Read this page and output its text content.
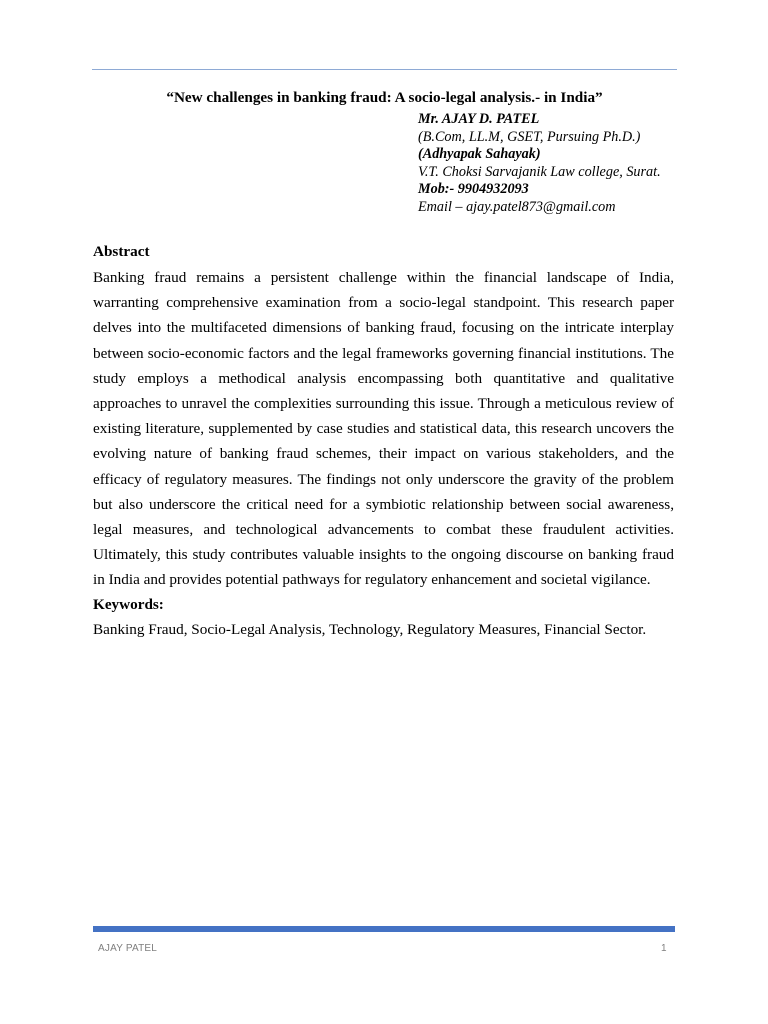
“New challenges in banking fraud: A socio-legal analysis.- in India”
Mr. AJAY D. PATEL
(B.Com, LL.M, GSET, Pursuing Ph.D.)
(Adhyapak Sahayak)
V.T. Choksi Sarvajanik Law college, Surat.
Mob:- 9904932093
Email – ajay.patel873@gmail.com
Abstract

Banking fraud remains a persistent challenge within the financial landscape of India, warranting comprehensive examination from a socio-legal standpoint. This research paper delves into the multifaceted dimensions of banking fraud, focusing on the intricate interplay between socio-economic factors and the legal frameworks governing financial institutions. The study employs a methodical analysis encompassing both quantitative and qualitative approaches to unravel the complexities surrounding this issue. Through a meticulous review of existing literature, supplemented by case studies and statistical data, this research uncovers the evolving nature of banking fraud schemes, their impact on various stakeholders, and the efficacy of regulatory measures. The findings not only underscore the gravity of the problem but also underscore the critical need for a symbiotic relationship between social awareness, legal measures, and technological advancements to combat these fraudulent activities. Ultimately, this study contributes valuable insights to the ongoing discourse on banking fraud in India and provides potential pathways for regulatory enhancement and societal vigilance.

Keywords:
Banking Fraud, Socio-Legal Analysis, Technology, Regulatory Measures, Financial Sector.
AJAY PATEL	1
